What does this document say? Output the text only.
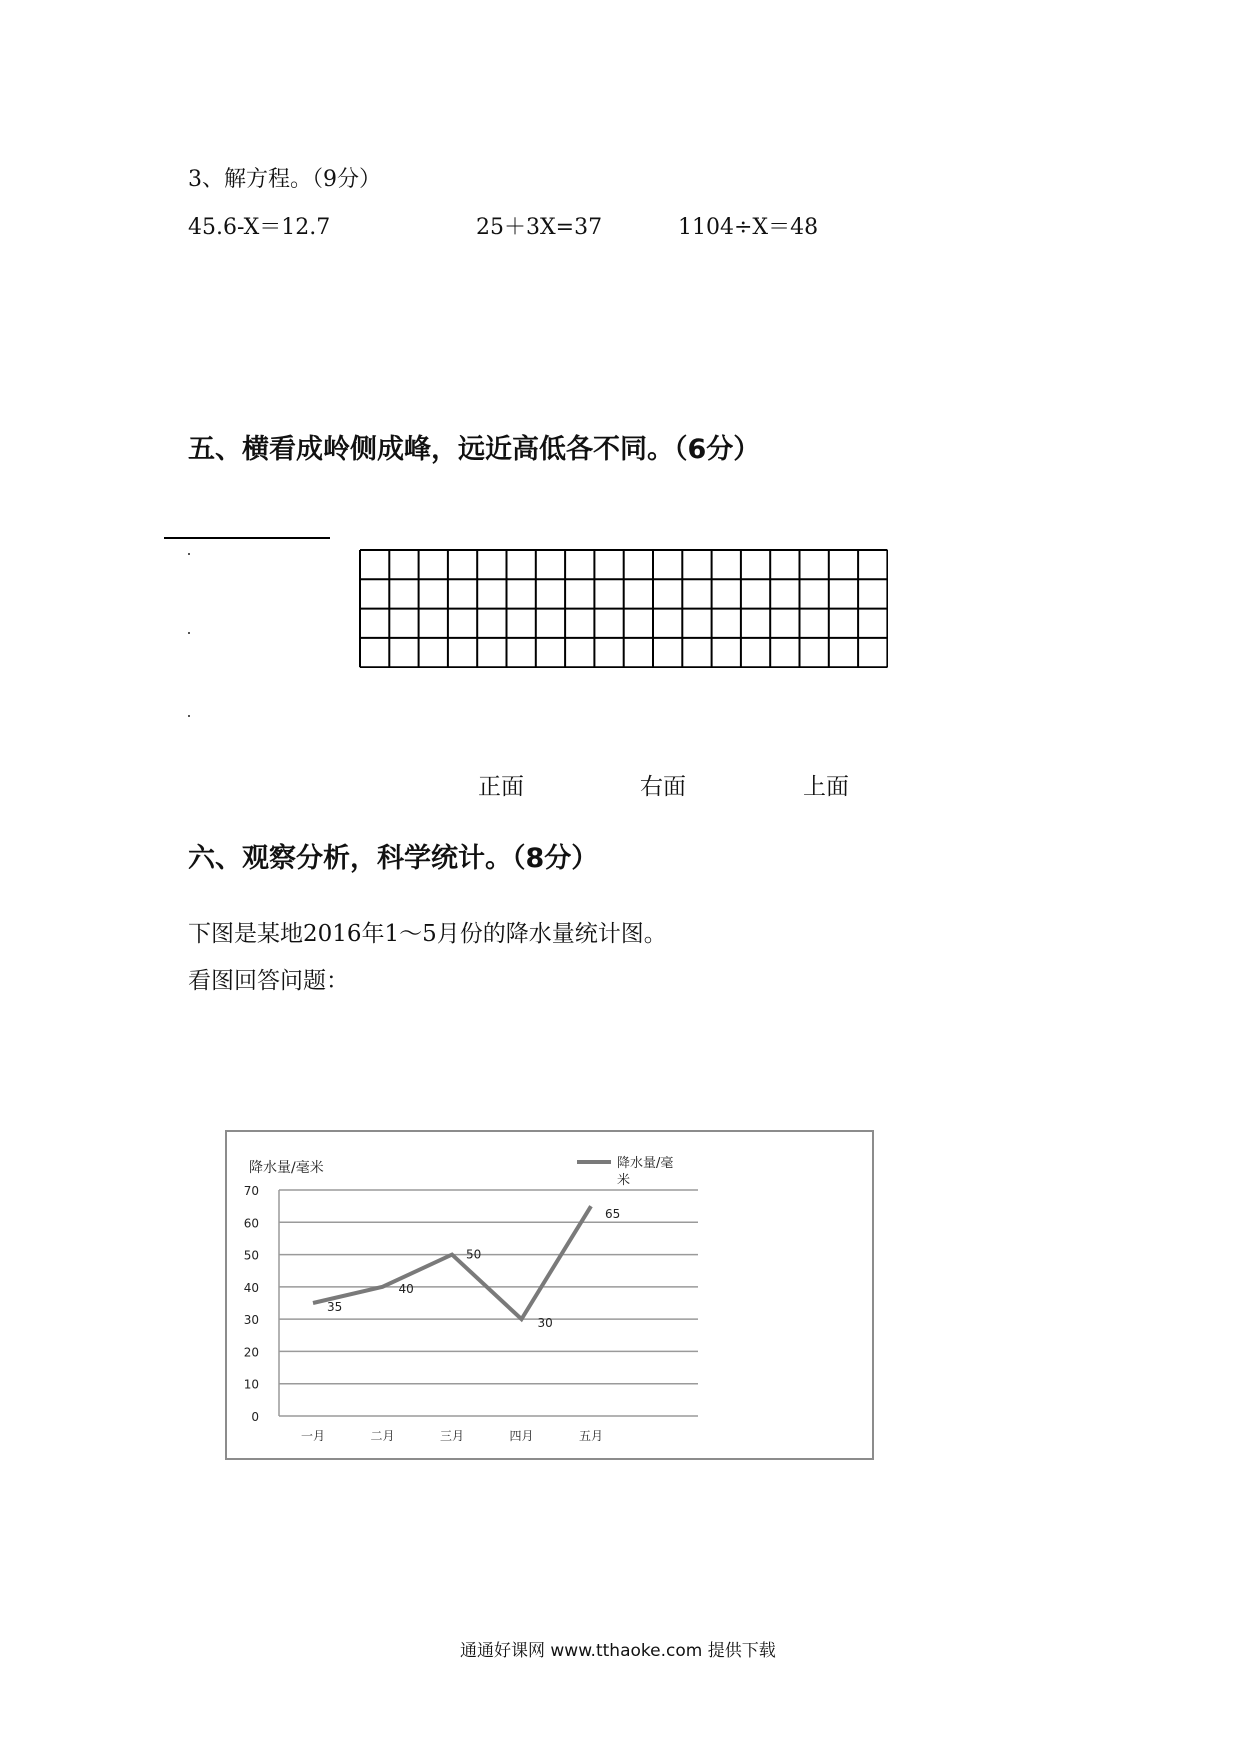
3、解方程。（9分）
45.6-X＝12.7	25＋3X=37	1104÷X＝48
五、横看成岭侧成峰，远近高低各不同。（6分）
正面	右面	上面
六、观察分析，科学统计。（8分）
下图是某地2016年1～5月份的降水量统计图。
看图回答问题：
降水量/毫米
0
10
20
30
40
50
60
70
一月	二月	三月	四月	五月
35
40
50
30
65
降水量/毫
米
通通好课网 www.tthaoke.com 提供下载
